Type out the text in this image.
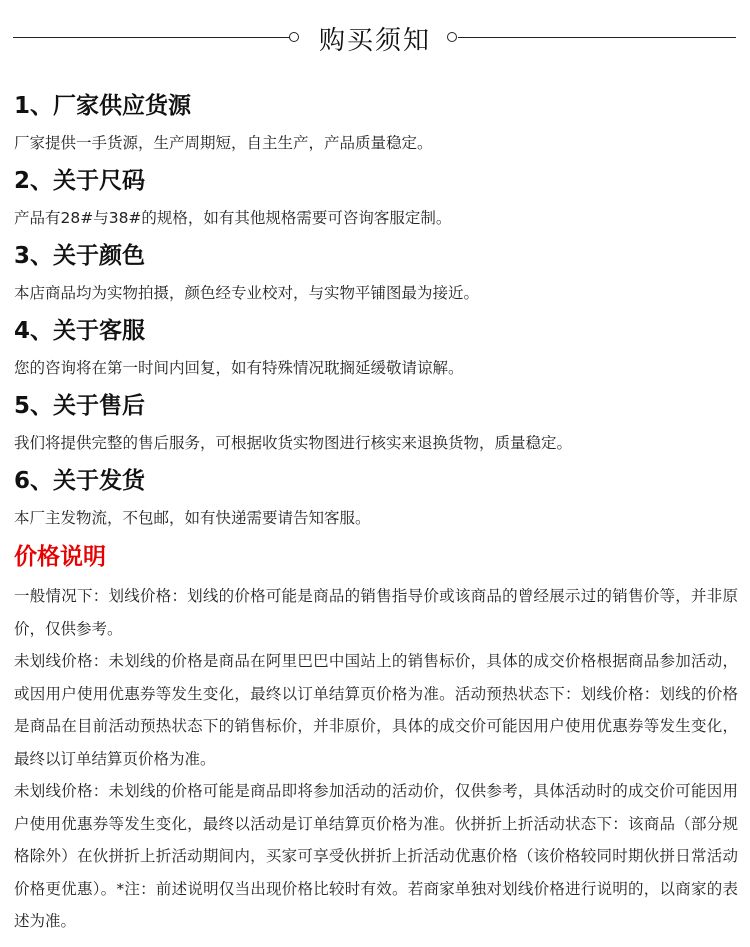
购买须知
1、厂家供应货源
厂家提供一手货源，生产周期短，自主生产，产品质量稳定。
2、关于尺码
产品有28#与38#的规格，如有其他规格需要可咨询客服定制。
3、关于颜色
本店商品均为实物拍摄，颜色经专业校对，与实物平铺图最为接近。
4、关于客服
您的咨询将在第一时间内回复，如有特殊情况耽搁延缓敬请谅解。
5、关于售后
我们将提供完整的售后服务，可根据收货实物图进行核实来退换货物，质量稳定。
6、关于发货
本厂主发物流，不包邮，如有快递需要请告知客服。
价格说明

一般情况下：划线价格：划线的价格可能是商品的销售指导价或该商品的曾经展示过的销售价等，并非原价，仅供参考。

未划线价格：未划线的价格是商品在阿里巴巴中国站上的销售标价，具体的成交价格根据商品参加活动，或因用户使用优惠券等发生变化，最终以订单结算页价格为准。活动预热状态下：划线价格：划线的价格是商品在目前活动预热状态下的销售标价，并非原价，具体的成交价可能因用户使用优惠券等发生变化，最终以订单结算页价格为准。

未划线价格：未划线的价格可能是商品即将参加活动的活动价，仅供参考，具体活动时的成交价可能因用户使用优惠券等发生变化，最终以活动是订单结算页价格为准。伙拼折上折活动状态下：该商品（部分规格除外）在伙拼折上折活动期间内，买家可享受伙拼折上折活动优惠价格（该价格较同时期伙拼日常活动价格更优惠）。*注：前述说明仅当出现价格比较时有效。若商家单独对划线价格进行说明的，以商家的表述为准。
